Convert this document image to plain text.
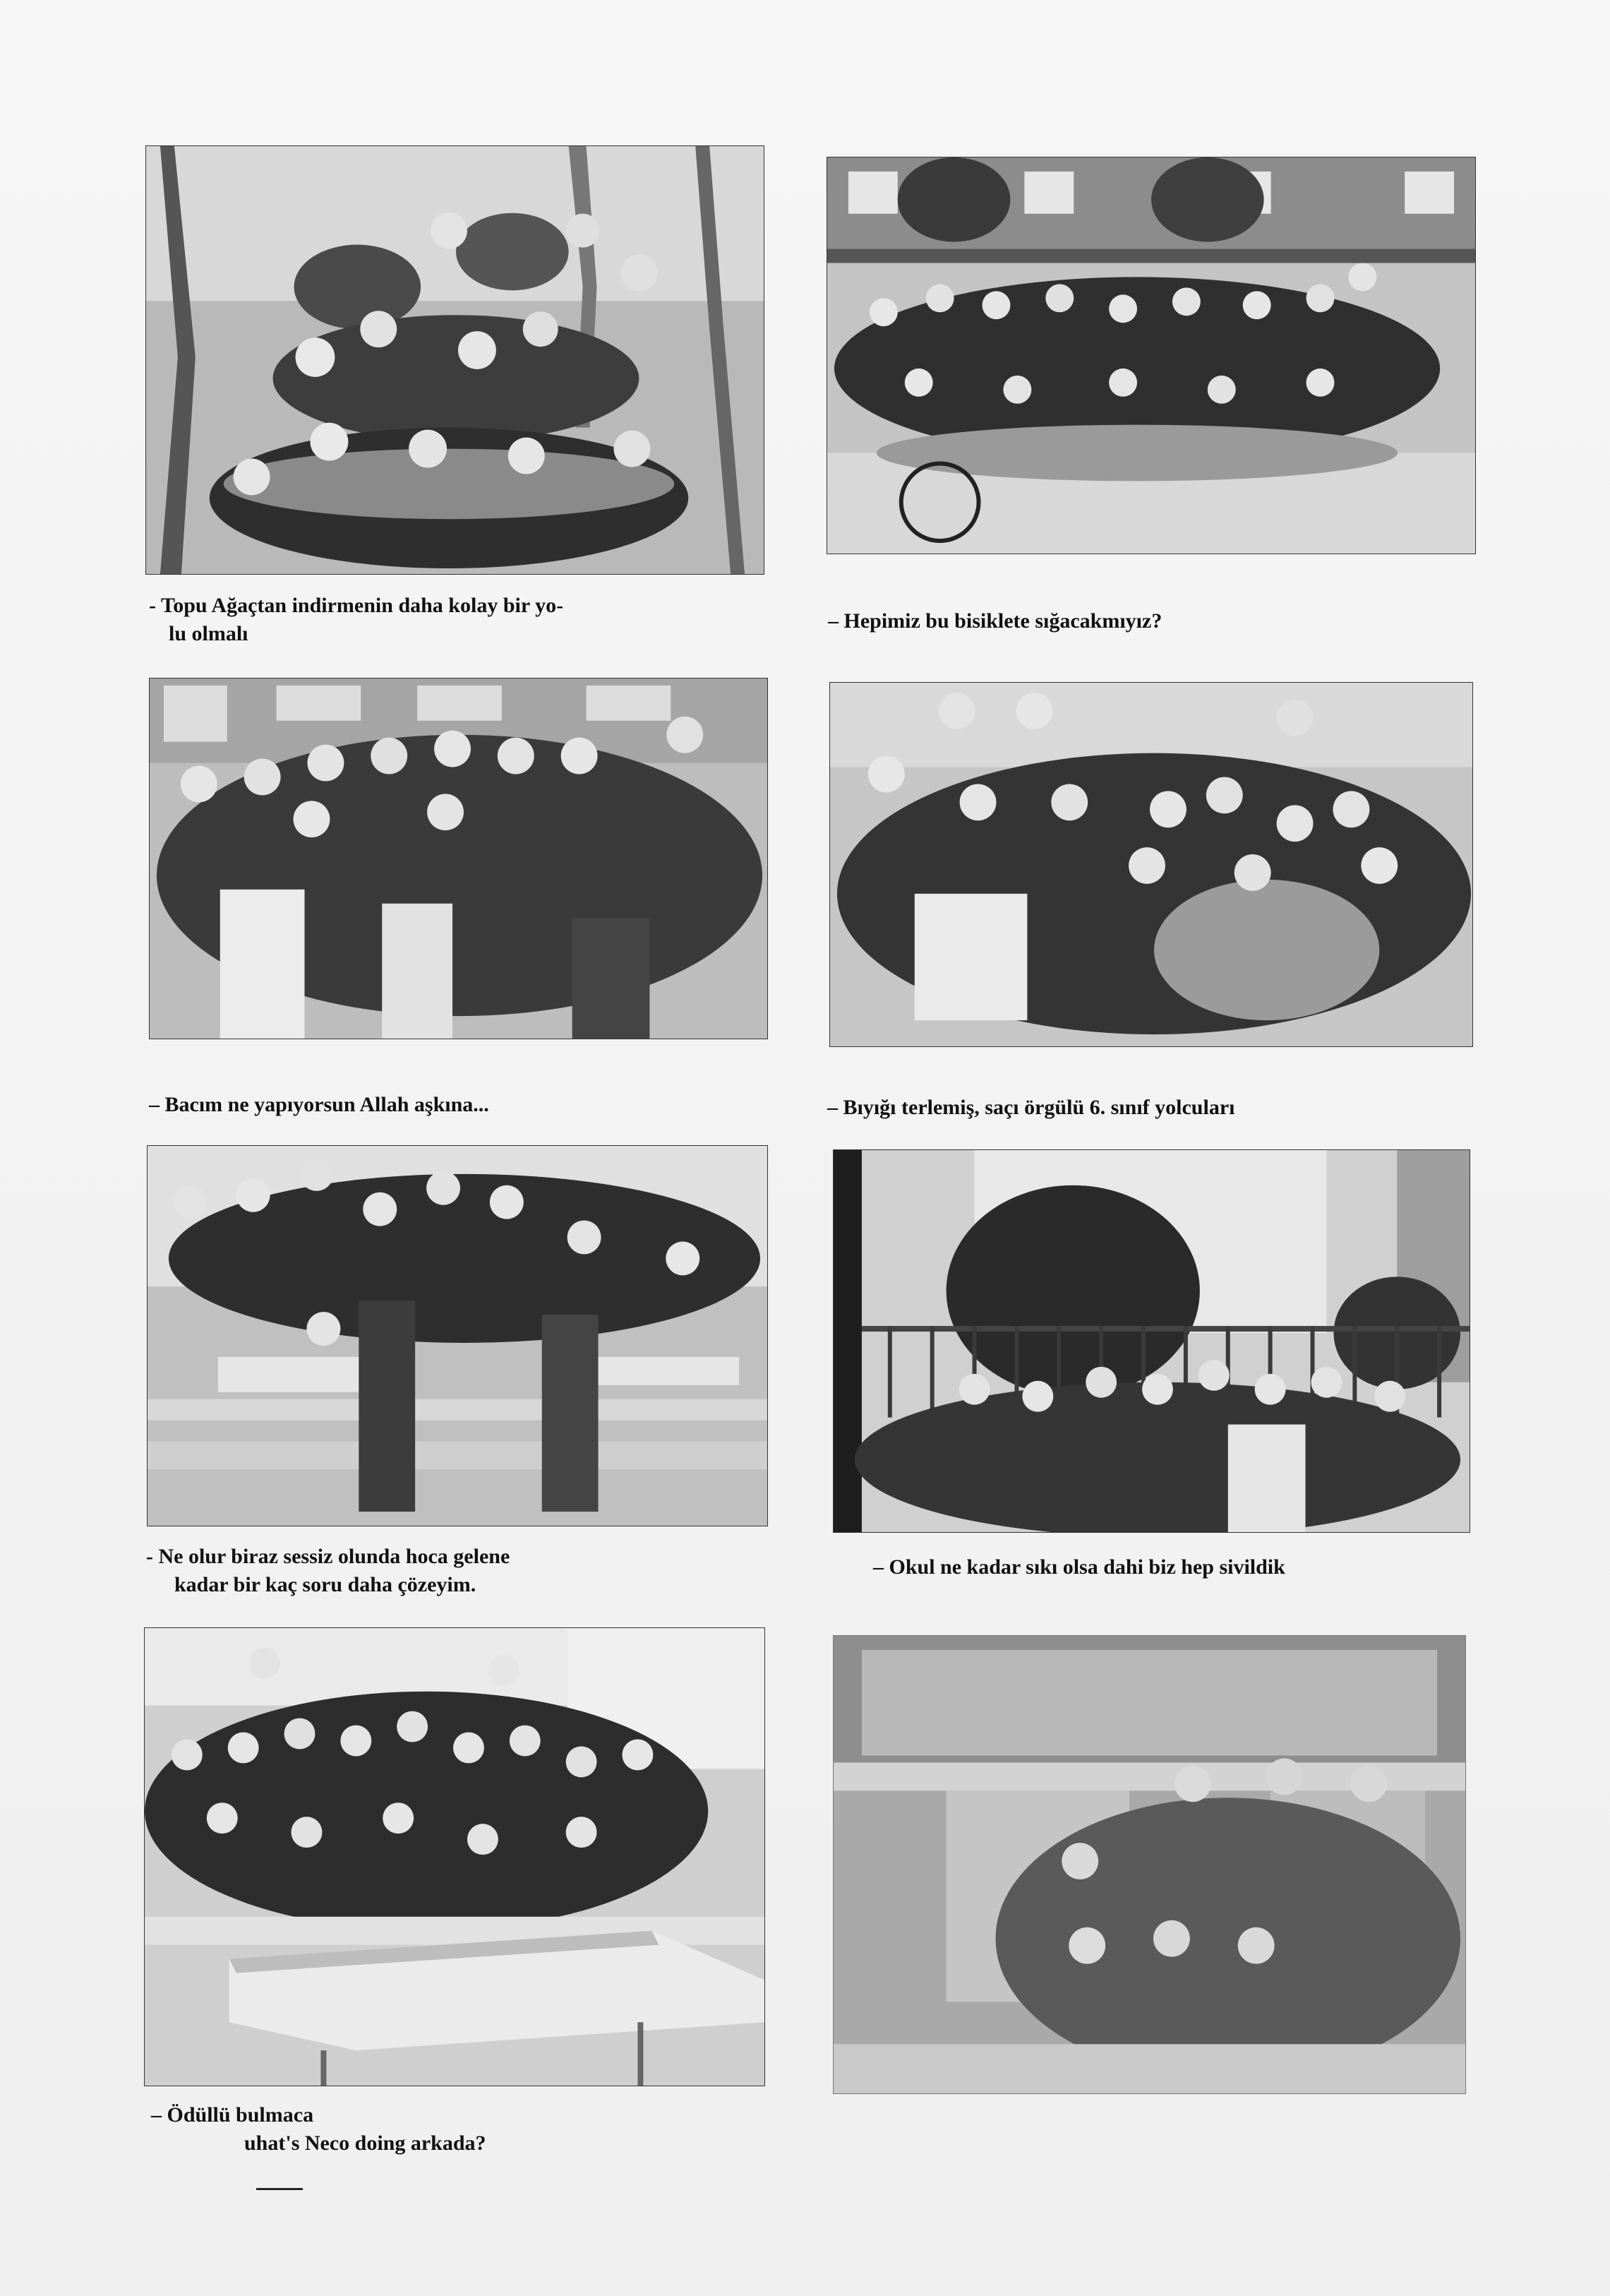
- Topu Ağaçtan indirmenin daha kolay bir yo-
lu olmalı
– Hepimiz bu bisiklete sığacakmıyız?
– Bacım ne yapıyorsun Allah aşkına...	– Bıyığı terlemiş, saçı örgülü 6. sınıf yolcuları
- Ne olur biraz sessiz olunda hoca gelene
kadar bir kaç soru daha çözeyim.
– Okul ne kadar sıkı olsa dahi biz hep sivildik
– Ödüllü bulmaca
uhat's Neco doing arkada?
